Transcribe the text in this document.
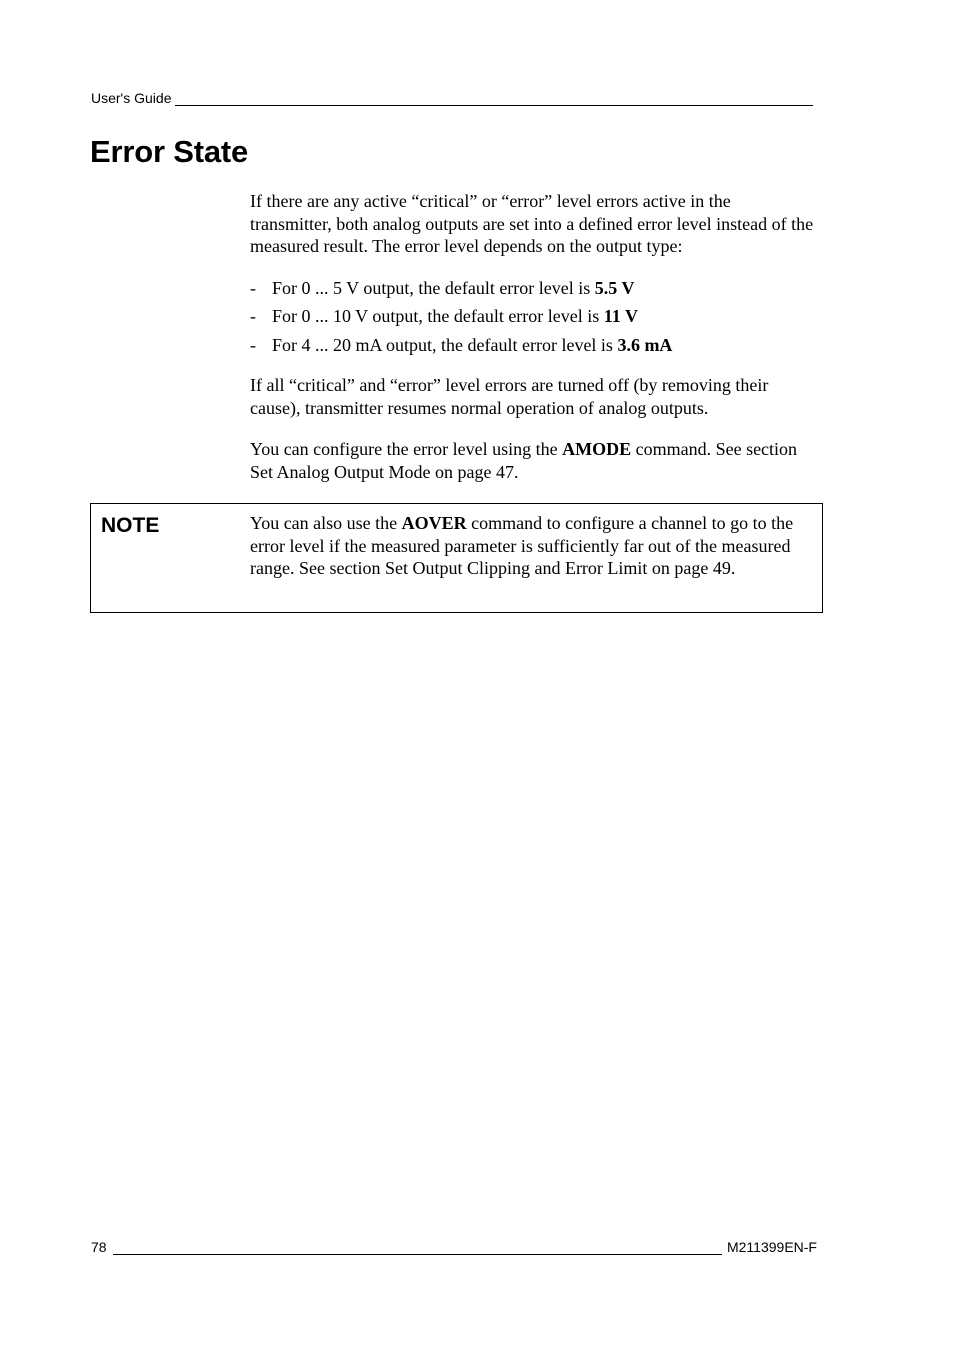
User's Guide
Error State

If there are any active “critical” or “error” level errors active in the transmitter, both analog outputs are set into a defined error level instead of the measured result. The error level depends on the output type:

- For 0 ... 5 V output, the default error level is 5.5 V
- For 0 ... 10 V output, the default error level is 11 V
- For 4 ... 20 mA output, the default error level is 3.6 mA

If all “critical” and “error” level errors are turned off (by removing their cause), transmitter resumes normal operation of analog outputs.

You can configure the error level using the AMODE command. See section Set Analog Output Mode on page 47.

NOTE	You can also use the AOVER command to configure a channel to go to the error level if the measured parameter is sufficiently far out of the measured range. See section Set Output Clipping and Error Limit on page 49.
78	M211399EN-F
